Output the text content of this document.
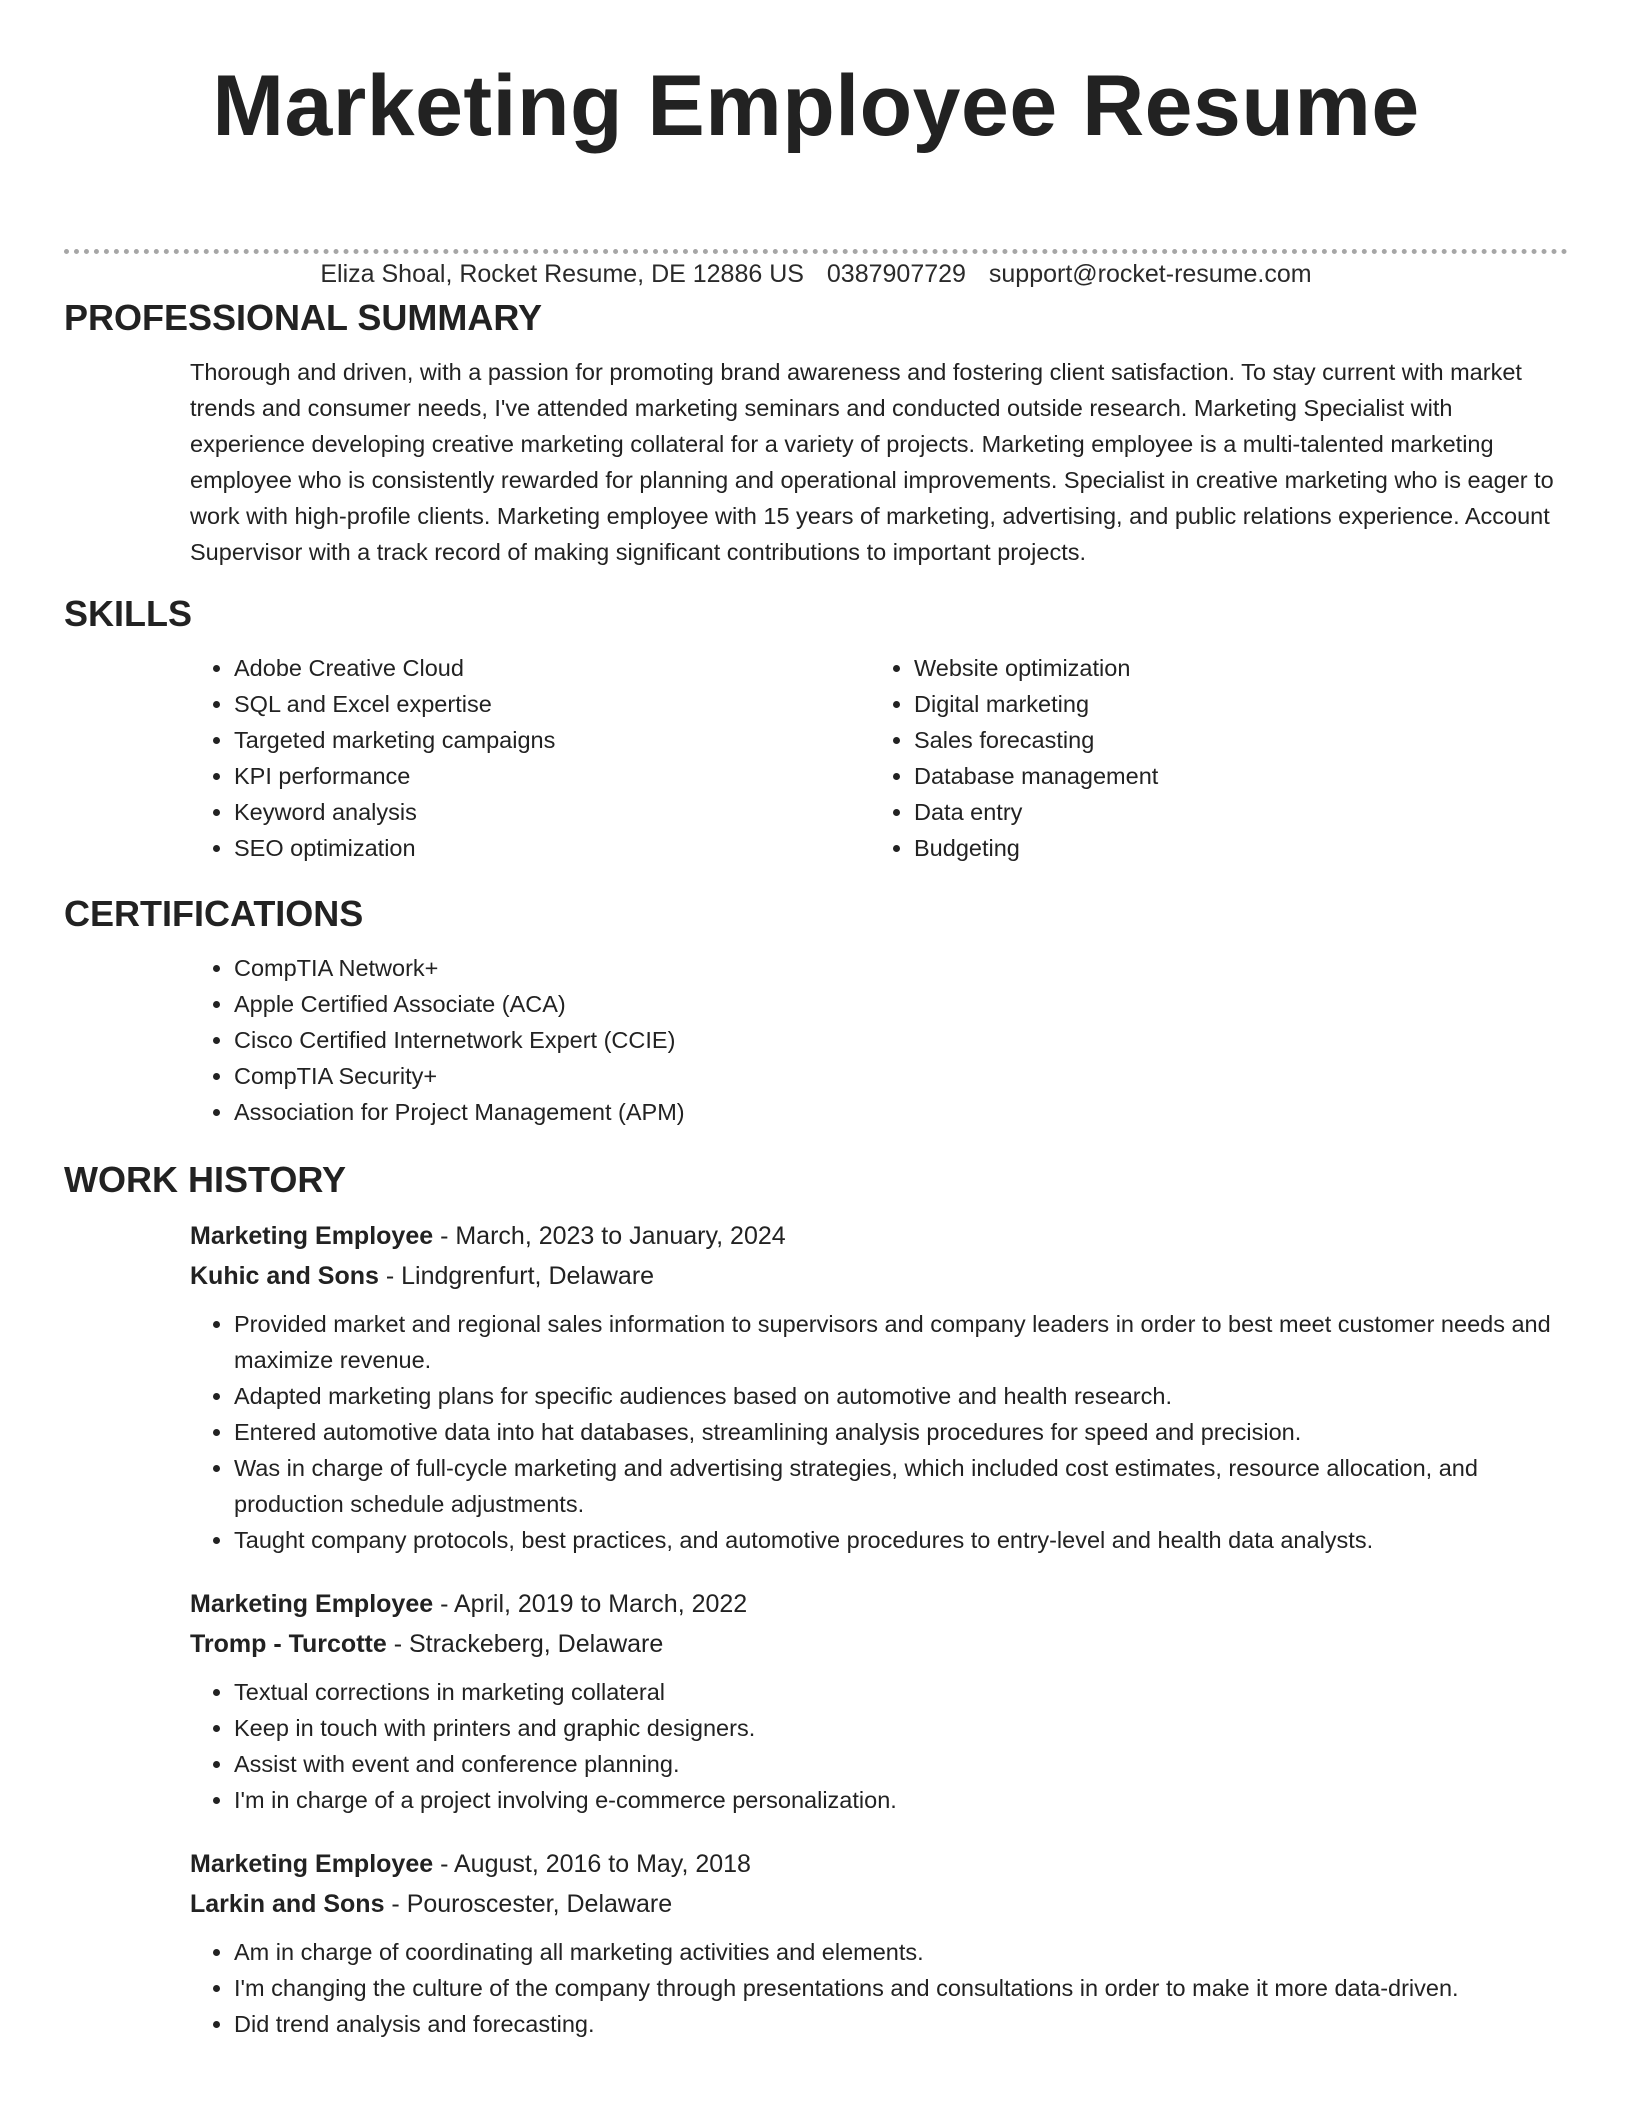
Marketing Employee Resume
Eliza Shoal, Rocket Resume, DE 12886 US 0387907729 support@rocket-resume.com
PROFESSIONAL SUMMARY

Thorough and driven, with a passion for promoting brand awareness and fostering client satisfaction. To stay current with market trends and consumer needs, I've attended marketing seminars and conducted outside research. Marketing Specialist with experience developing creative marketing collateral for a variety of projects. Marketing employee is a multi-talented marketing employee who is consistently rewarded for planning and operational improvements. Specialist in creative marketing who is eager to work with high-profile clients. Marketing employee with 15 years of marketing, advertising, and public relations experience. Account Supervisor with a track record of making significant contributions to important projects.

SKILLS
• Adobe Creative Cloud
• SQL and Excel expertise
• Targeted marketing campaigns
• KPI performance
• Keyword analysis
• SEO optimization
• Website optimization
• Digital marketing
• Sales forecasting
• Database management
• Data entry
• Budgeting
CERTIFICATIONS
• CompTIA Network+
• Apple Certified Associate (ACA)
• Cisco Certified Internetwork Expert (CCIE)
• CompTIA Security+
• Association for Project Management (APM)
WORK HISTORY
Marketing Employee - March, 2023 to January, 2024
Kuhic and Sons - Lindgrenfurt, Delaware
• Provided market and regional sales information to supervisors and company leaders in order to best meet customer needs and maximize revenue.
• Adapted marketing plans for specific audiences based on automotive and health research.
• Entered automotive data into hat databases, streamlining analysis procedures for speed and precision.
• Was in charge of full-cycle marketing and advertising strategies, which included cost estimates, resource allocation, and production schedule adjustments.
• Taught company protocols, best practices, and automotive procedures to entry-level and health data analysts.
Marketing Employee - April, 2019 to March, 2022
Tromp - Turcotte - Strackeberg, Delaware
• Textual corrections in marketing collateral
• Keep in touch with printers and graphic designers.
• Assist with event and conference planning.
• I'm in charge of a project involving e-commerce personalization.
Marketing Employee - August, 2016 to May, 2018
Larkin and Sons - Pouroscester, Delaware
• Am in charge of coordinating all marketing activities and elements.
• I'm changing the culture of the company through presentations and consultations in order to make it more data-driven.
• Did trend analysis and forecasting.
